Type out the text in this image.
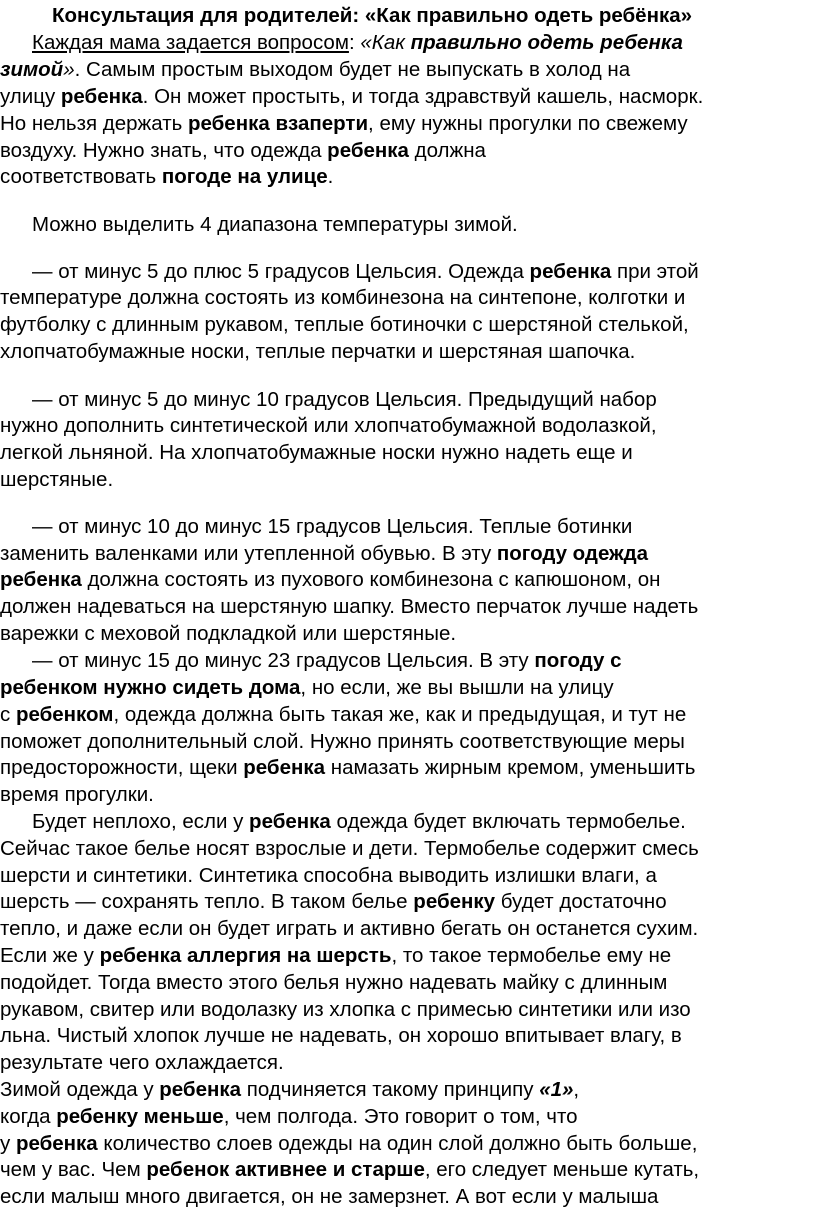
Консультация для родителей: «Как правильно одеть ребёнка»
Каждая мама задается вопросом: «Как правильно одеть ребенка
зимой». Самым простым выходом будет не выпускать в холод на
улицу ребенка. Он может простыть, и тогда здравствуй кашель, насморк.
Но нельзя держать ребенка взаперти, ему нужны прогулки по свежему
воздуху. Нужно знать, что одежда ребенка должна
соответствовать погоде на улице.
Можно выделить 4 диапазона температуры зимой.
— от минус 5 до плюс 5 градусов Цельсия. Одежда ребенка при этой
температуре должна состоять из комбинезона на синтепоне, колготки и
футболку с длинным рукавом, теплые ботиночки с шерстяной стелькой,
хлопчатобумажные носки, теплые перчатки и шерстяная шапочка.
— от минус 5 до минус 10 градусов Цельсия. Предыдущий набор
нужно дополнить синтетической или хлопчатобумажной водолазкой,
легкой льняной. На хлопчатобумажные носки нужно надеть еще и
шерстяные.
— от минус 10 до минус 15 градусов Цельсия. Теплые ботинки
заменить валенками или утепленной обувью. В эту погоду одежда
ребенка должна состоять из пухового комбинезона с капюшоном, он
должен надеваться на шерстяную шапку. Вместо перчаток лучше надеть
варежки с меховой подкладкой или шерстяные.
— от минус 15 до минус 23 градусов Цельсия. В эту погоду с
ребенком нужно сидеть дома, но если, же вы вышли на улицу
с ребенком, одежда должна быть такая же, как и предыдущая, и тут не
поможет дополнительный слой. Нужно принять соответствующие меры
предосторожности, щеки ребенка намазать жирным кремом, уменьшить
время прогулки.
Будет неплохо, если у ребенка одежда будет включать термобелье.
Сейчас такое белье носят взрослые и дети. Термобелье содержит смесь
шерсти и синтетики. Синтетика способна выводить излишки влаги, а
шерсть — сохранять тепло. В таком белье ребенку будет достаточно
тепло, и даже если он будет играть и активно бегать он останется сухим.
Если же у ребенка аллергия на шерсть, то такое термобелье ему не
подойдет. Тогда вместо этого белья нужно надевать майку с длинным
рукавом, свитер или водолазку из хлопка с примесью синтетики или изо
льна. Чистый хлопок лучше не надевать, он хорошо впитывает влагу, в
результате чего охлаждается.
Зимой одежда у ребенка подчиняется такому принципу «1»,
когда ребенку меньше, чем полгода. Это говорит о том, что
у ребенка количество слоев одежды на один слой должно быть больше,
чем у вас. Чем ребенок активнее и старше, его следует меньше кутать,
если малыш много двигается, он не замерзнет. А вот если у малыша
